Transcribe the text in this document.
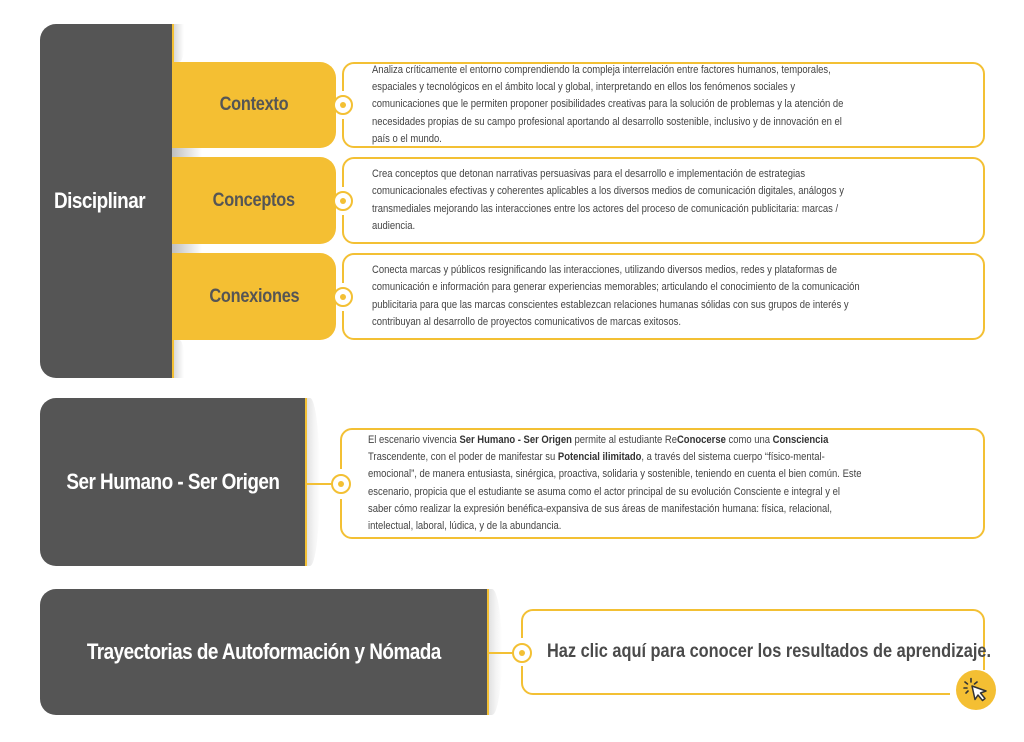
Disciplinar
Contexto
Analiza críticamente el entorno comprendiendo la compleja interrelación entre factores humanos, temporales, espaciales y tecnológicos en el ámbito local y global, interpretando en ellos los fenómenos sociales y comunicaciones que le permiten proponer posibilidades creativas para la solución de problemas y la atención de necesidades propias de su campo profesional aportando al desarrollo sostenible, inclusivo y de innovación en el país o el mundo.
Conceptos
Crea conceptos que detonan narrativas persuasivas para el desarrollo e implementación de estrategias comunicacionales efectivas y coherentes aplicables a los diversos medios de comunicación digitales, análogos y transmediales mejorando las interacciones entre los actores del proceso de comunicación publicitaria: marcas / audiencia.
Conexiones
Conecta marcas y públicos resignificando las interacciones, utilizando diversos medios, redes y plataformas de comunicación e información para generar experiencias memorables; articulando el conocimiento de la comunicación publicitaria para que las marcas conscientes establezcan relaciones humanas sólidas con sus grupos de interés y contribuyan al desarrollo de proyectos comunicativos de marcas exitosos.
Ser Humano - Ser Origen
El escenario vivencia Ser Humano - Ser Origen permite al estudiante ReConocerse como una Consciencia Trascendente, con el poder de manifestar su Potencial ilimitado, a través del sistema cuerpo “físico-mental-emocional”, de manera entusiasta, sinérgica, proactiva, solidaria y sostenible, teniendo en cuenta el bien común. Este escenario, propicia que el estudiante se asuma como el actor principal de su evolución Consciente e integral y el saber cómo realizar la expresión benéfica-expansiva de sus áreas de manifestación humana: física, relacional, intelectual, laboral, lúdica, y de la abundancia.
Trayectorias de Autoformación y Nómada	Haz clic aquí para conocer los resultados de aprendizaje.
